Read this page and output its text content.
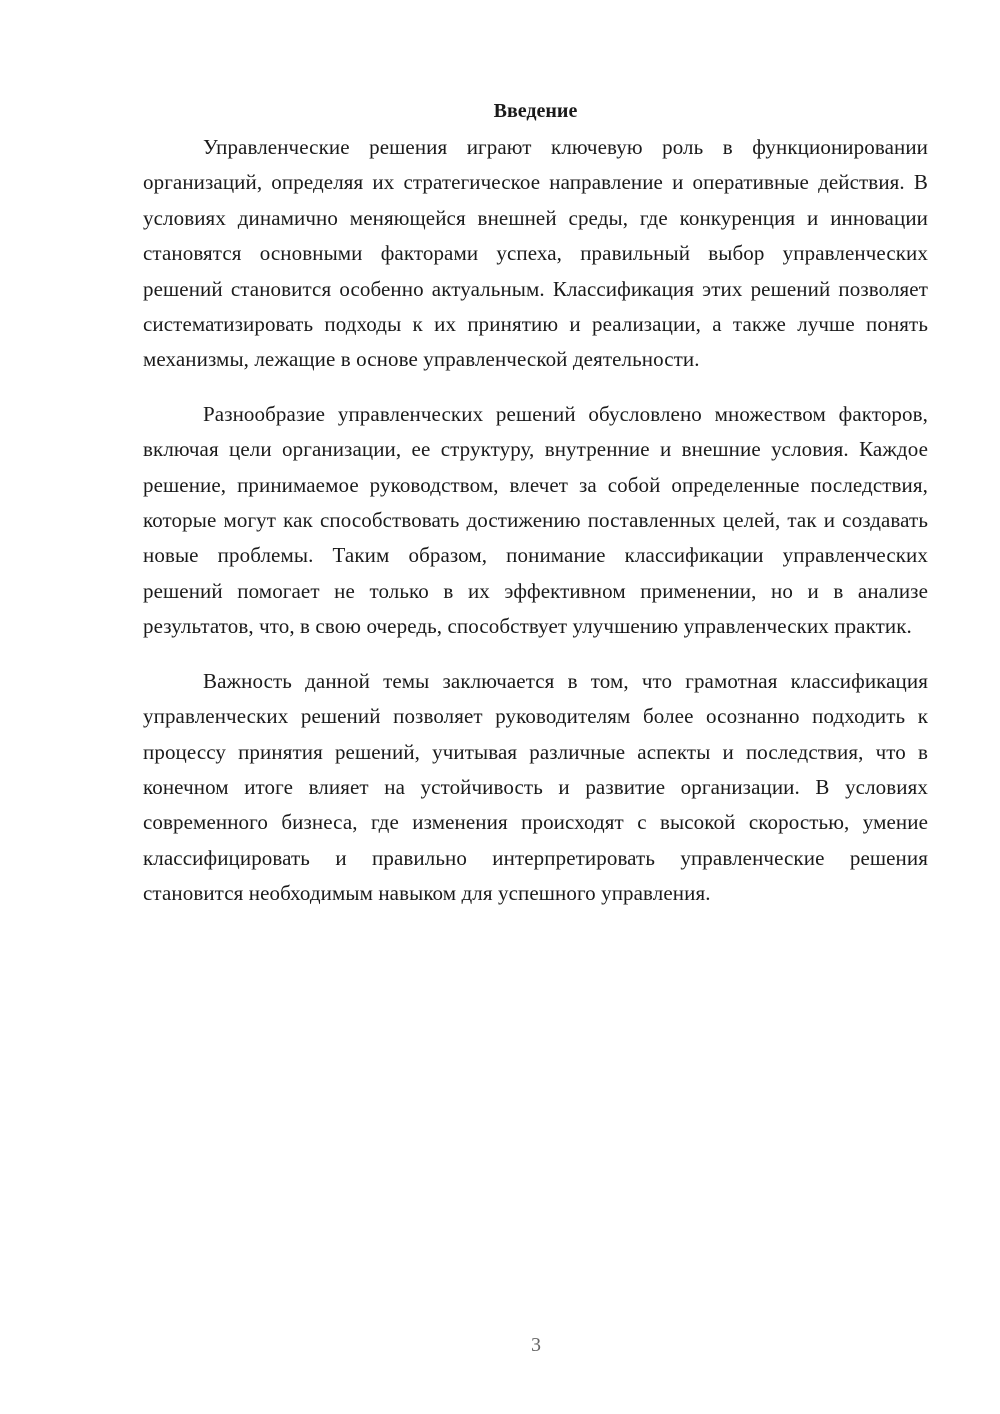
Введение

Управленческие решения играют ключевую роль в функционировании организаций, определяя их стратегическое направление и оперативные действия. В условиях динамично меняющейся внешней среды, где конкуренция и инновации становятся основными факторами успеха, правильный выбор управленческих решений становится особенно актуальным. Классификация этих решений позволяет систематизировать подходы к их принятию и реализации, а также лучше понять механизмы, лежащие в основе управленческой деятельности.

Разнообразие управленческих решений обусловлено множеством факторов, включая цели организации, ее структуру, внутренние и внешние условия. Каждое решение, принимаемое руководством, влечет за собой определенные последствия, которые могут как способствовать достижению поставленных целей, так и создавать новые проблемы. Таким образом, понимание классификации управленческих решений помогает не только в их эффективном применении, но и в анализе результатов, что, в свою очередь, способствует улучшению управленческих практик.

Важность данной темы заключается в том, что грамотная классификация управленческих решений позволяет руководителям более осознанно подходить к процессу принятия решений, учитывая различные аспекты и последствия, что в конечном итоге влияет на устойчивость и развитие организации. В условиях современного бизнеса, где изменения происходят с высокой скоростью, умение классифицировать и правильно интерпретировать управленческие решения становится необходимым навыком для успешного управления.

3
